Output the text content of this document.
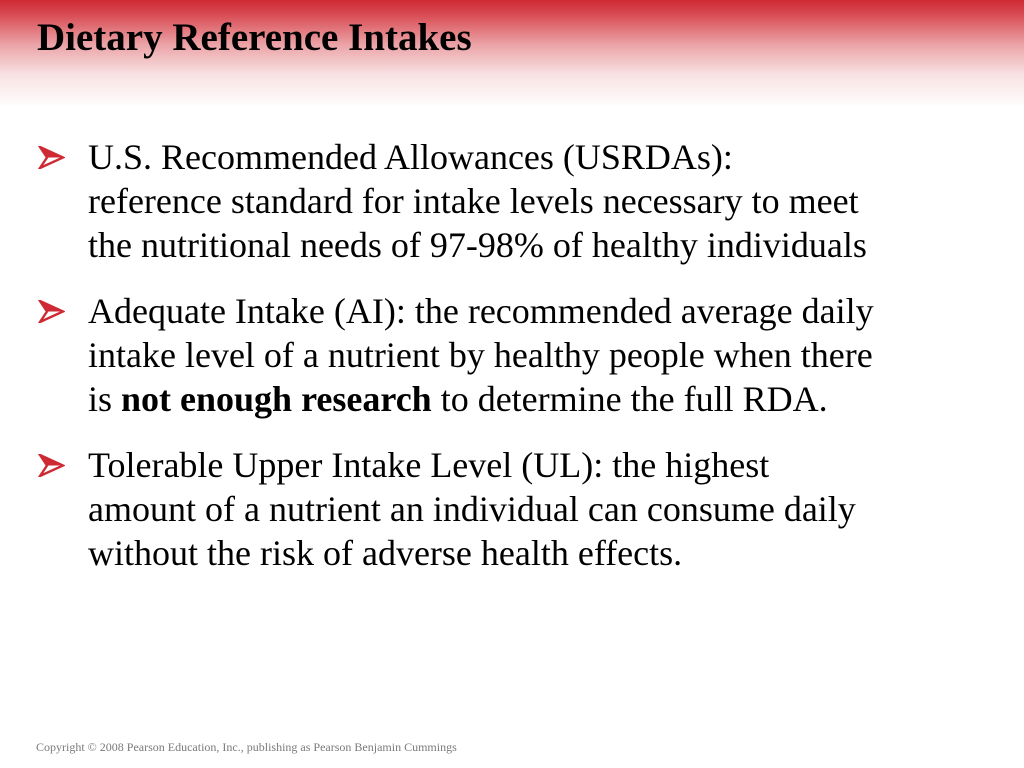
Dietary Reference Intakes
U.S. Recommended Allowances (USRDAs):
reference standard for intake levels necessary to meet
the nutritional needs of 97-98% of healthy individuals
Adequate Intake (AI): the recommended average daily
intake level of a nutrient by healthy people when there
is not enough research to determine the full RDA.
Tolerable Upper Intake Level (UL): the highest
amount of a nutrient an individual can consume daily
without the risk of adverse health effects.
Copyright © 2008 Pearson Education, Inc., publishing as Pearson Benjamin Cummings
